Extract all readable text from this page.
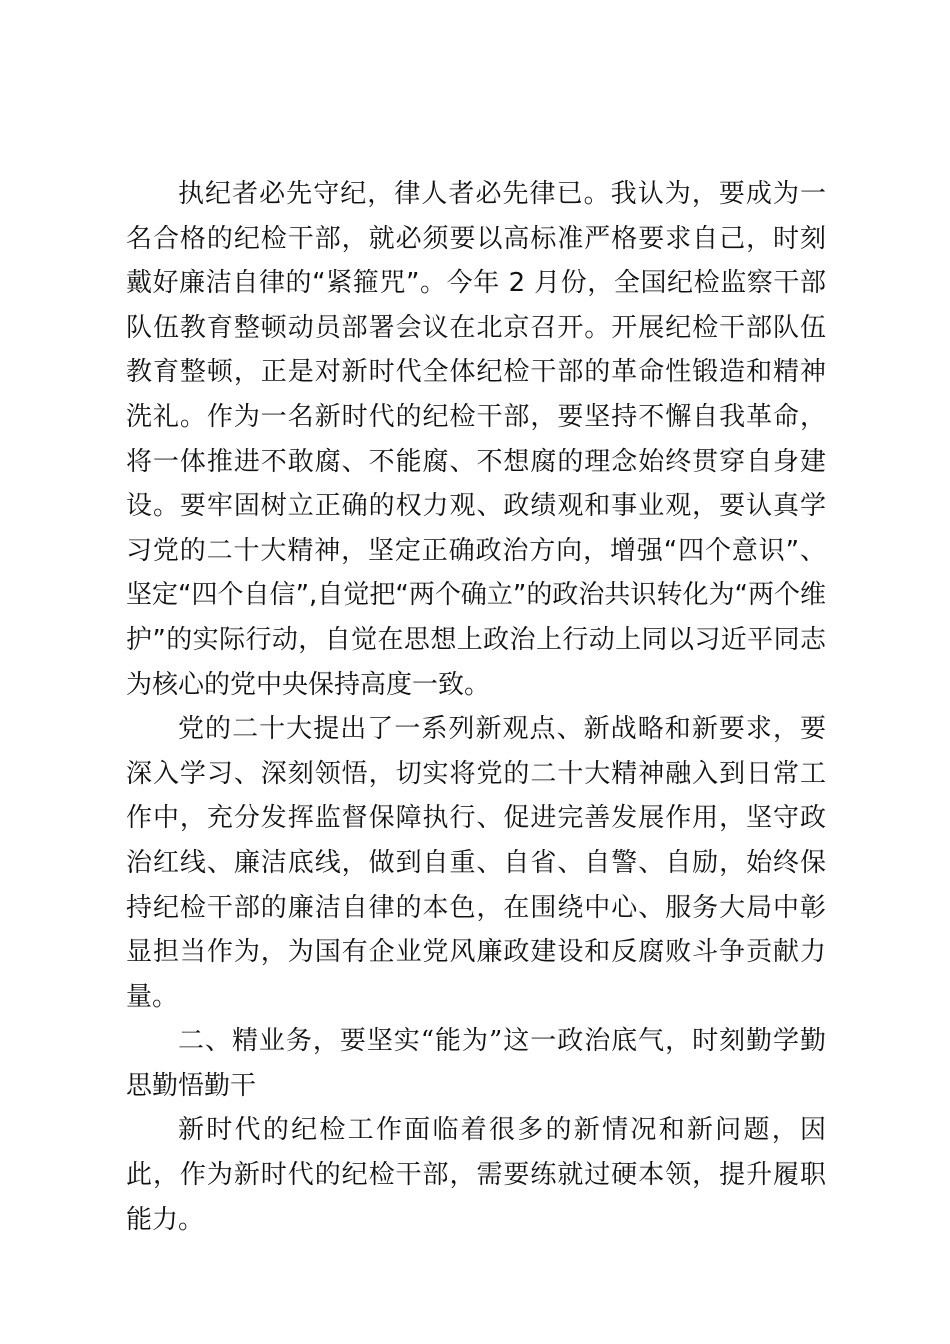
执纪者必先守纪，律人者必先律已。我认为，要成为一名合格的纪检干部，就必须要以高标准严格要求自己，时刻戴好廉洁自律的“紧箍咒”。今年 2 月份，全国纪检监察干部队伍教育整顿动员部署会议在北京召开。开展纪检干部队伍教育整顿，正是对新时代全体纪检干部的革命性锻造和精神洗礼。作为一名新时代的纪检干部，要坚持不懈自我革命，将一体推进不敢腐、不能腐、不想腐的理念始终贯穿自身建设。要牢固树立正确的权力观、政绩观和事业观，要认真学习党的二十大精神，坚定正确政治方向，增强“四个意识”、坚定“四个自信”,自觉把“两个确立”的政治共识转化为“两个维护”的实际行动，自觉在思想上政治上行动上同以习近平同志为核心的党中央保持高度一致。

党的二十大提出了一系列新观点、新战略和新要求，要深入学习、深刻领悟，切实将党的二十大精神融入到日常工作中，充分发挥监督保障执行、促进完善发展作用，坚守政治红线、廉洁底线，做到自重、自省、自警、自励，始终保持纪检干部的廉洁自律的本色，在围绕中心、服务大局中彰显担当作为，为国有企业党风廉政建设和反腐败斗争贡献力量。

二、精业务，要坚实“能为”这一政治底气，时刻勤学勤思勤悟勤干

新时代的纪检工作面临着很多的新情况和新问题，因此，作为新时代的纪检干部，需要练就过硬本领，提升履职能力。
